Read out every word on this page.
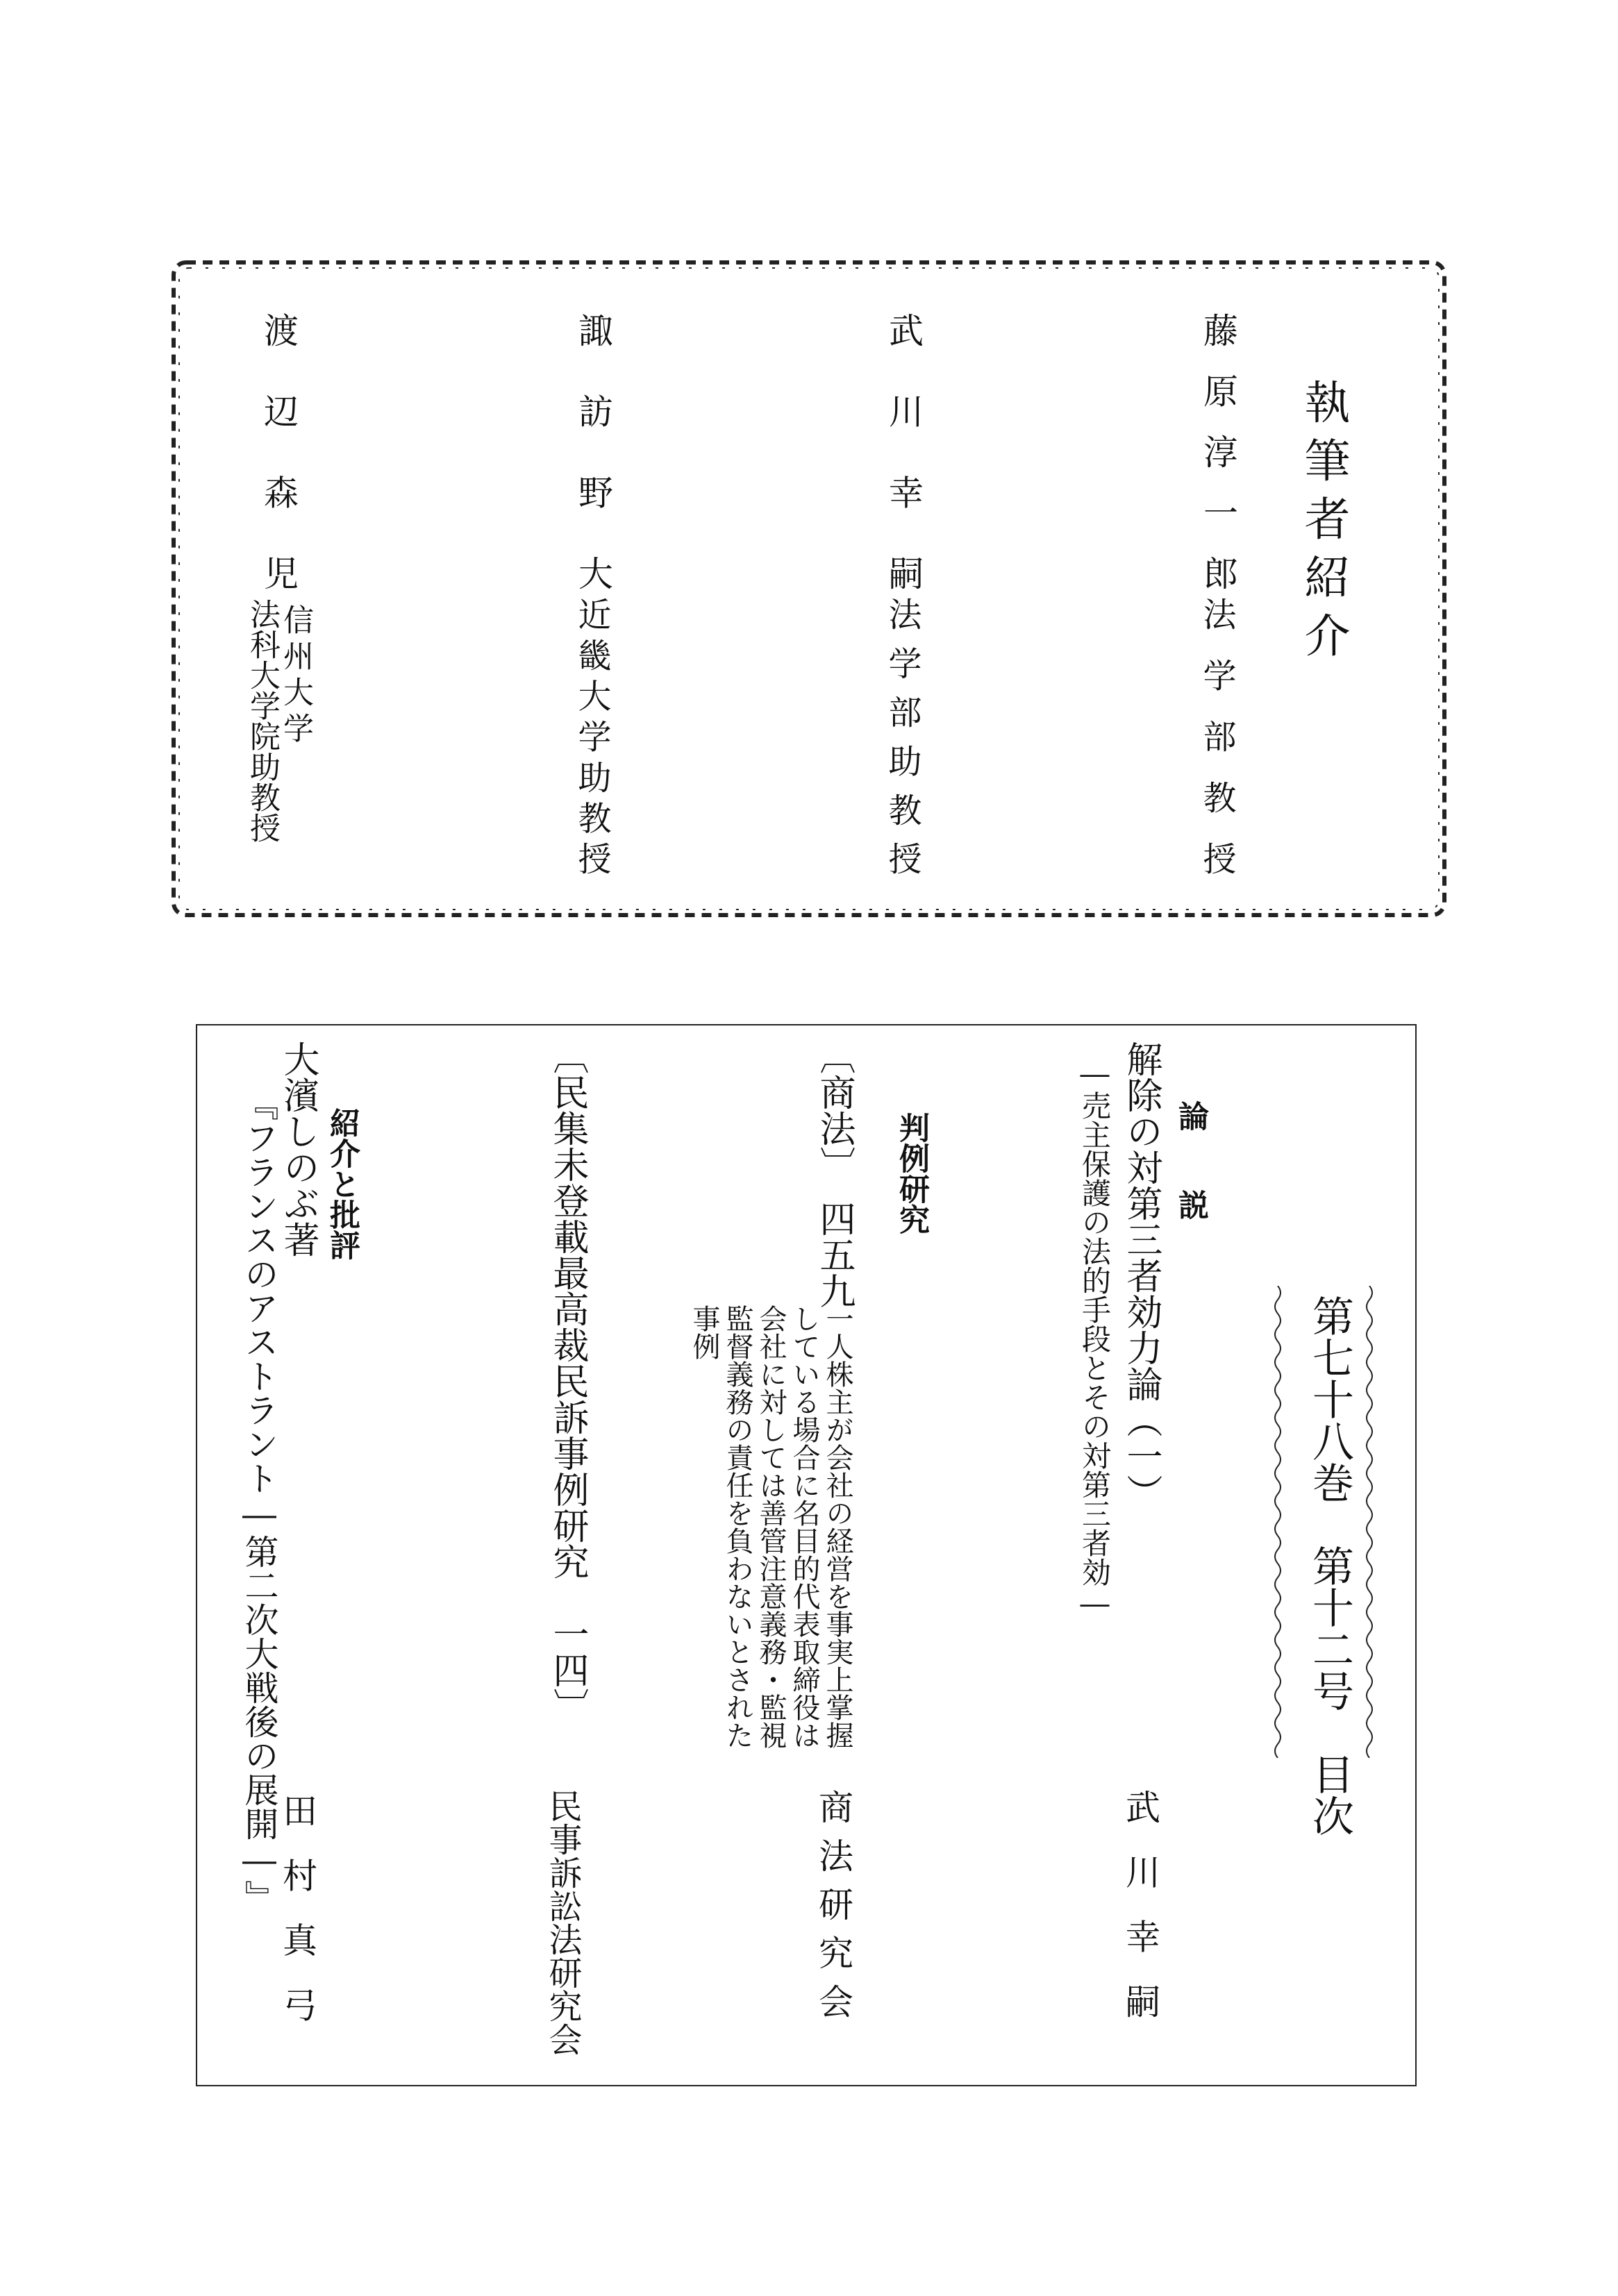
執筆者紹介
藤原淳一郎
法学部教授
武川幸嗣
法学部助教授
諏訪野大
近畿大学助教授
渡辺森児
信州大学
法科大学院助教授
第七十八巻　第十二号　目次
論　説
解除の対第三者効力論（一）
―売主保護の法的手段とその対第三者効―
武川幸嗣
判例研究
〔商法〕　四五九
一人株主が会社の経営を事実上掌握
している場合に名目的代表取締役は
会社に対しては善管注意義務・監視
監督義務の責任を負わないとされた
事例
商法研究会
〔民集未登載最高裁民訴事例研究　一四〕
民事訴訟法研究会
紹介と批評
大濱しのぶ著
『フランスのアストラント―第二次大戦後の展開―』
田村真弓
